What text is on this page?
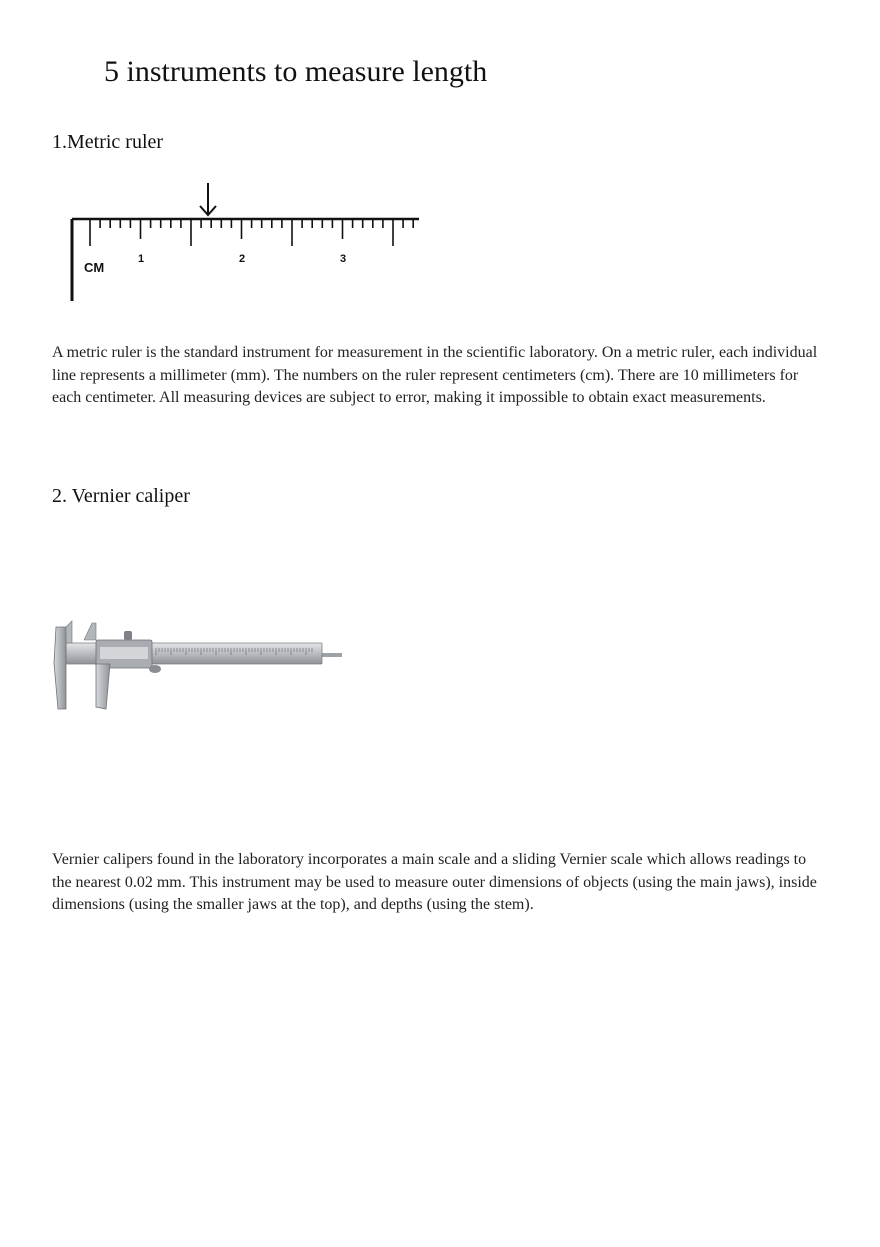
5 instruments to measure length
1.Metric ruler
CM
1	2	3

A metric ruler is the standard instrument for measurement in the scientific laboratory. On a metric ruler, each individual line represents a millimeter (mm). The numbers on the ruler represent centimeters (cm). There are 10 millimeters for each centimeter. All measuring devices are subject to error, making it impossible to obtain exact measurements.

2. Vernier caliper

Vernier calipers found in the laboratory incorporates a main scale and a sliding Vernier scale which allows readings to the nearest 0.02 mm. This instrument may be used to measure outer dimensions of objects (using the main jaws), inside dimensions (using the smaller jaws at the top), and depths (using the stem).
